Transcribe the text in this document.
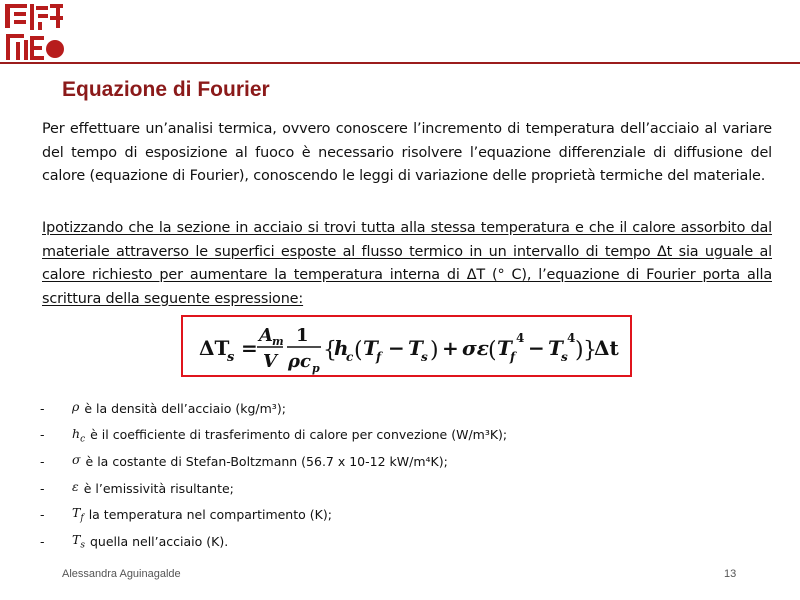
Equazione di Fourier
Per effettuare un’analisi termica, ovvero conoscere l’incremento di temperatura dell’acciaio al variare del tempo di esposizione al fuoco è necessario risolvere l’equazione differenziale di diffusione del calore (equazione di Fourier), conoscendo le leggi di variazione delle proprietà termiche del materiale.
Ipotizzando che la sezione in acciaio si trovi tutta alla stessa temperatura e che il calore assorbito dal materiale attraverso le superfici esposte al flusso termico in un intervallo di tempo Δt sia uguale al calore richiesto per aumentare la temperatura interna di ΔT (° C), l’equazione di Fourier porta alla scrittura della seguente espressione:
ΔT
s =
A m
V
1
ρc p
{
h
c ( T
f − T
s ) + σε ( T
f
4 − T
s
4 ) }
Δt
-	ρ è la densità dell’acciaio (kg/m³);
-	$h_c$ è il coefficiente di trasferimento di calore per convezione (W/m³K);
-	σ è la costante di Stefan-Boltzmann (56.7 x 10-12 kW/m⁴K);
-	ε è l’emissività risultante;
-	$T_f$ la temperatura nel compartimento (K);
-	$T_s$ quella nell’acciaio (K).
Alessandra Aguinagalde	13
